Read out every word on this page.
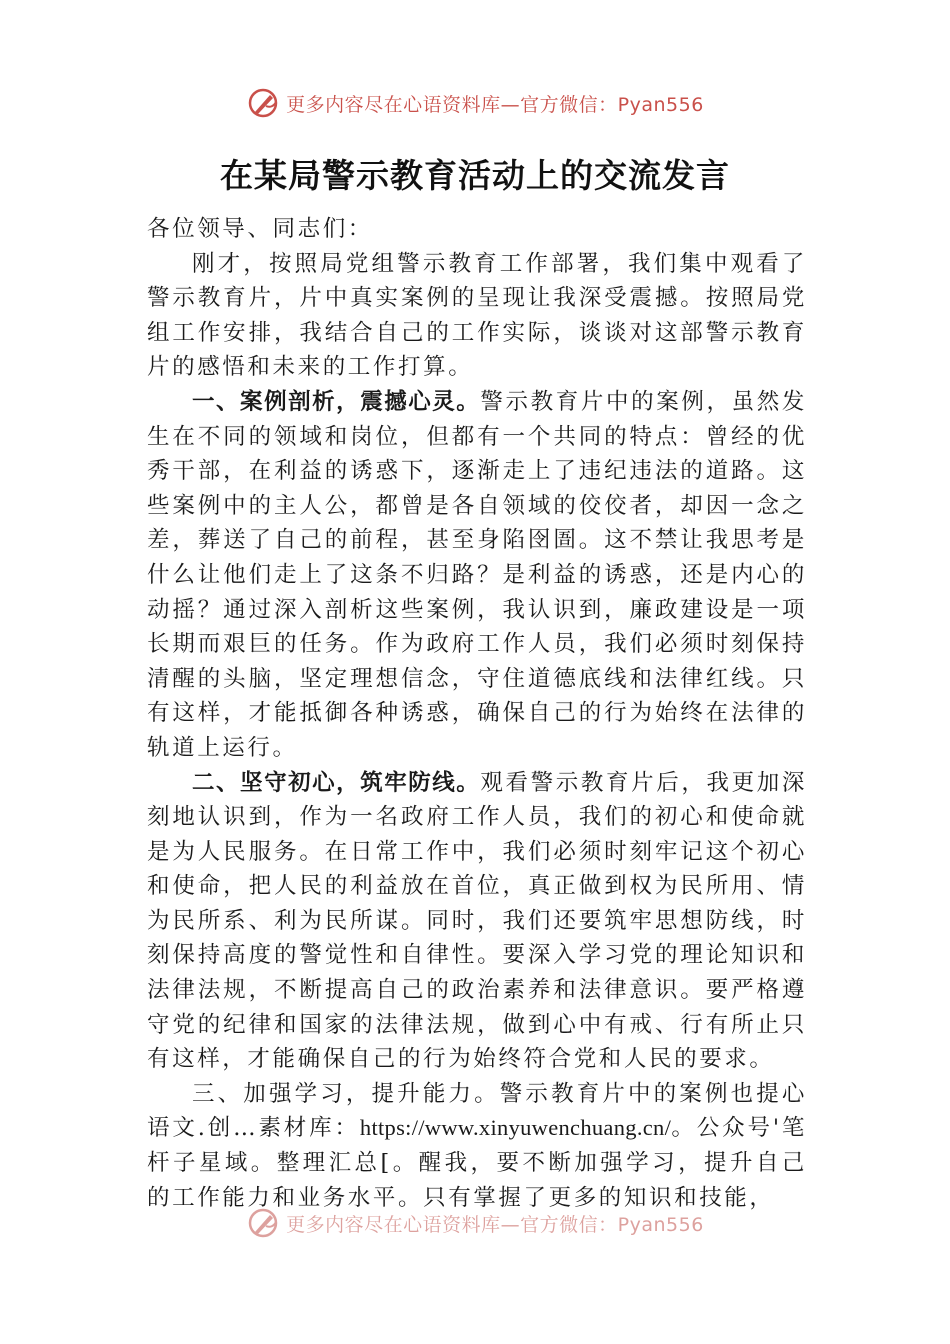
更多内容尽在心语资料库—官方微信：Pyan556
在某局警示教育活动上的交流发言

各位领导、同志们：

刚才，按照局党组警示教育工作部署，我们集中观看了警示教育片，片中真实案例的呈现让我深受震撼。按照局党组工作安排，我结合自己的工作实际，谈谈对这部警示教育片的感悟和未来的工作打算。

一、案例剖析，震撼心灵。警示教育片中的案例，虽然发生在不同的领域和岗位，但都有一个共同的特点：曾经的优秀干部，在利益的诱惑下，逐渐走上了违纪违法的道路。这些案例中的主人公，都曾是各自领域的佼佼者，却因一念之差，葬送了自己的前程，甚至身陷囹圄。这不禁让我思考是什么让他们走上了这条不归路？是利益的诱惑，还是内心的动摇？通过深入剖析这些案例，我认识到，廉政建设是一项长期而艰巨的任务。作为政府工作人员，我们必须时刻保持清醒的头脑，坚定理想信念，守住道德底线和法律红线。只有这样，才能抵御各种诱惑，确保自己的行为始终在法律的轨道上运行。

二、坚守初心，筑牢防线。观看警示教育片后，我更加深刻地认识到，作为一名政府工作人员，我们的初心和使命就是为人民服务。在日常工作中，我们必须时刻牢记这个初心和使命，把人民的利益放在首位，真正做到权为民所用、情为民所系、利为民所谋。同时，我们还要筑牢思想防线，时刻保持高度的警觉性和自律性。要深入学习党的理论知识和法律法规，不断提高自己的政治素养和法律意识。要严格遵守党的纪律和国家的法律法规，做到心中有戒、行有所止只有这样，才能确保自己的行为始终符合党和人民的要求。

三、加强学习，提升能力。警示教育片中的案例也提心语文.创…素材库：https://www.xinyuwenchuang.cn/。公众号'笔杆子星域。整理汇总[。醒我，要不断加强学习，提升自己的工作能力和业务水平。只有掌握了更多的知识和技能，

更多内容尽在心语资料库—官方微信：Pyan556
